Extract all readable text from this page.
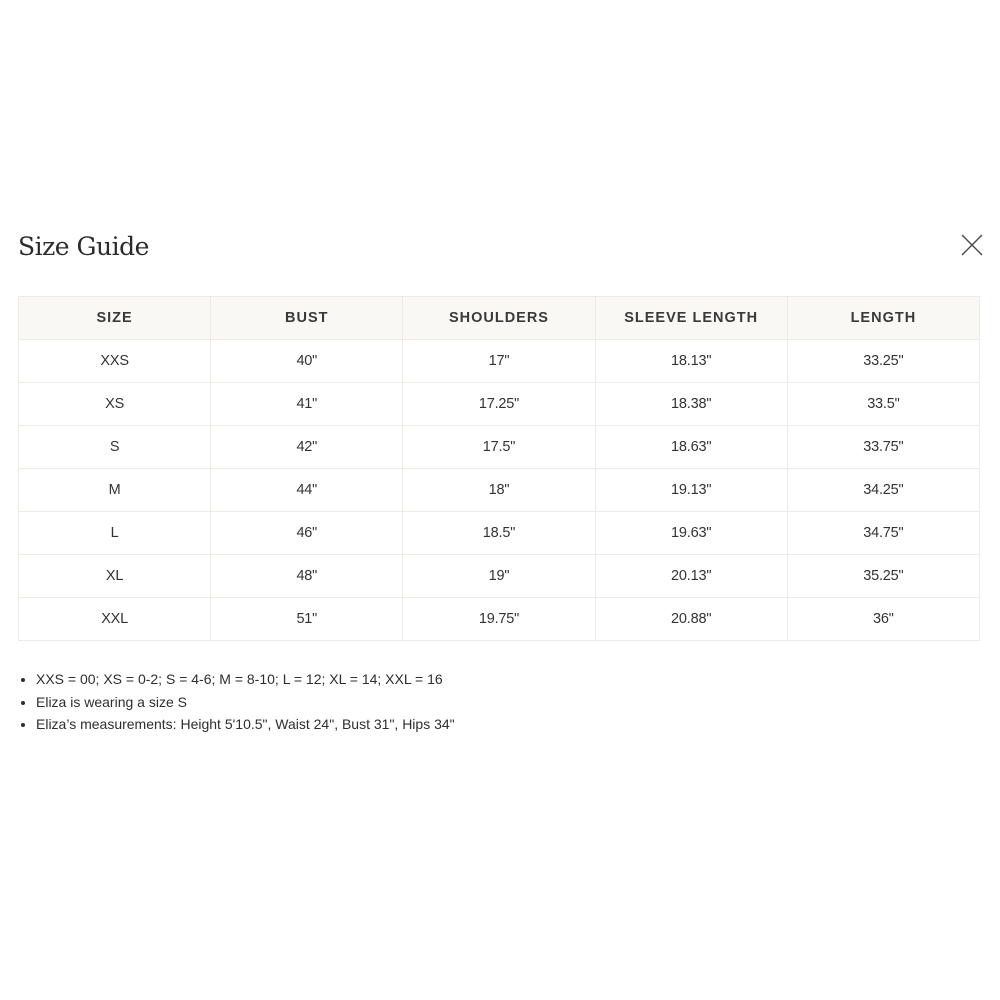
Size Guide
SIZE	BUST	SHOULDERS	SLEEVE LENGTH	LENGTH
XXS	40"	17"	18.13"	33.25"
XS	41"	17.25"	18.38"	33.5"
S	42"	17.5"	18.63"	33.75"
M	44"	18"	19.13"	34.25"
L	46"	18.5"	19.63"	34.75"
XL	48"	19"	20.13"	35.25"
XXL	51"	19.75"	20.88"	36"
• XXS = 00; XS = 0-2; S = 4-6; M = 8-10; L = 12; XL = 14; XXL = 16
• Eliza is wearing a size S
• Eliza’s measurements: Height 5'10.5", Waist 24", Bust 31", Hips 34"
